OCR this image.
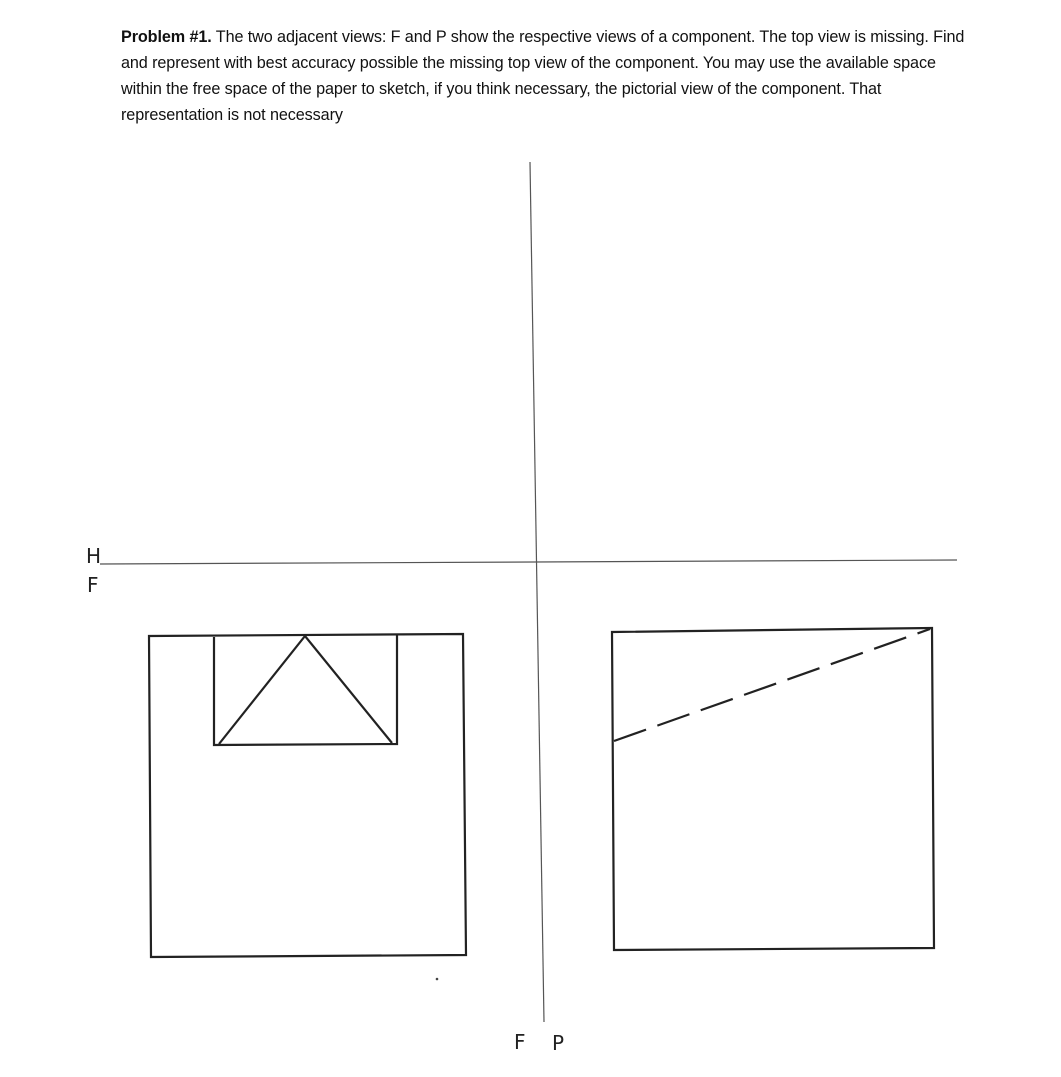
Problem #1. The two adjacent views: F and P show the respective views of a component. The top view is missing. Find and represent with best accuracy possible the missing top view of the component. You may use the available space within the free space of the paper to sketch, if you think necessary, the pictorial view of the component. That representation is not necessary
H
F
F P
